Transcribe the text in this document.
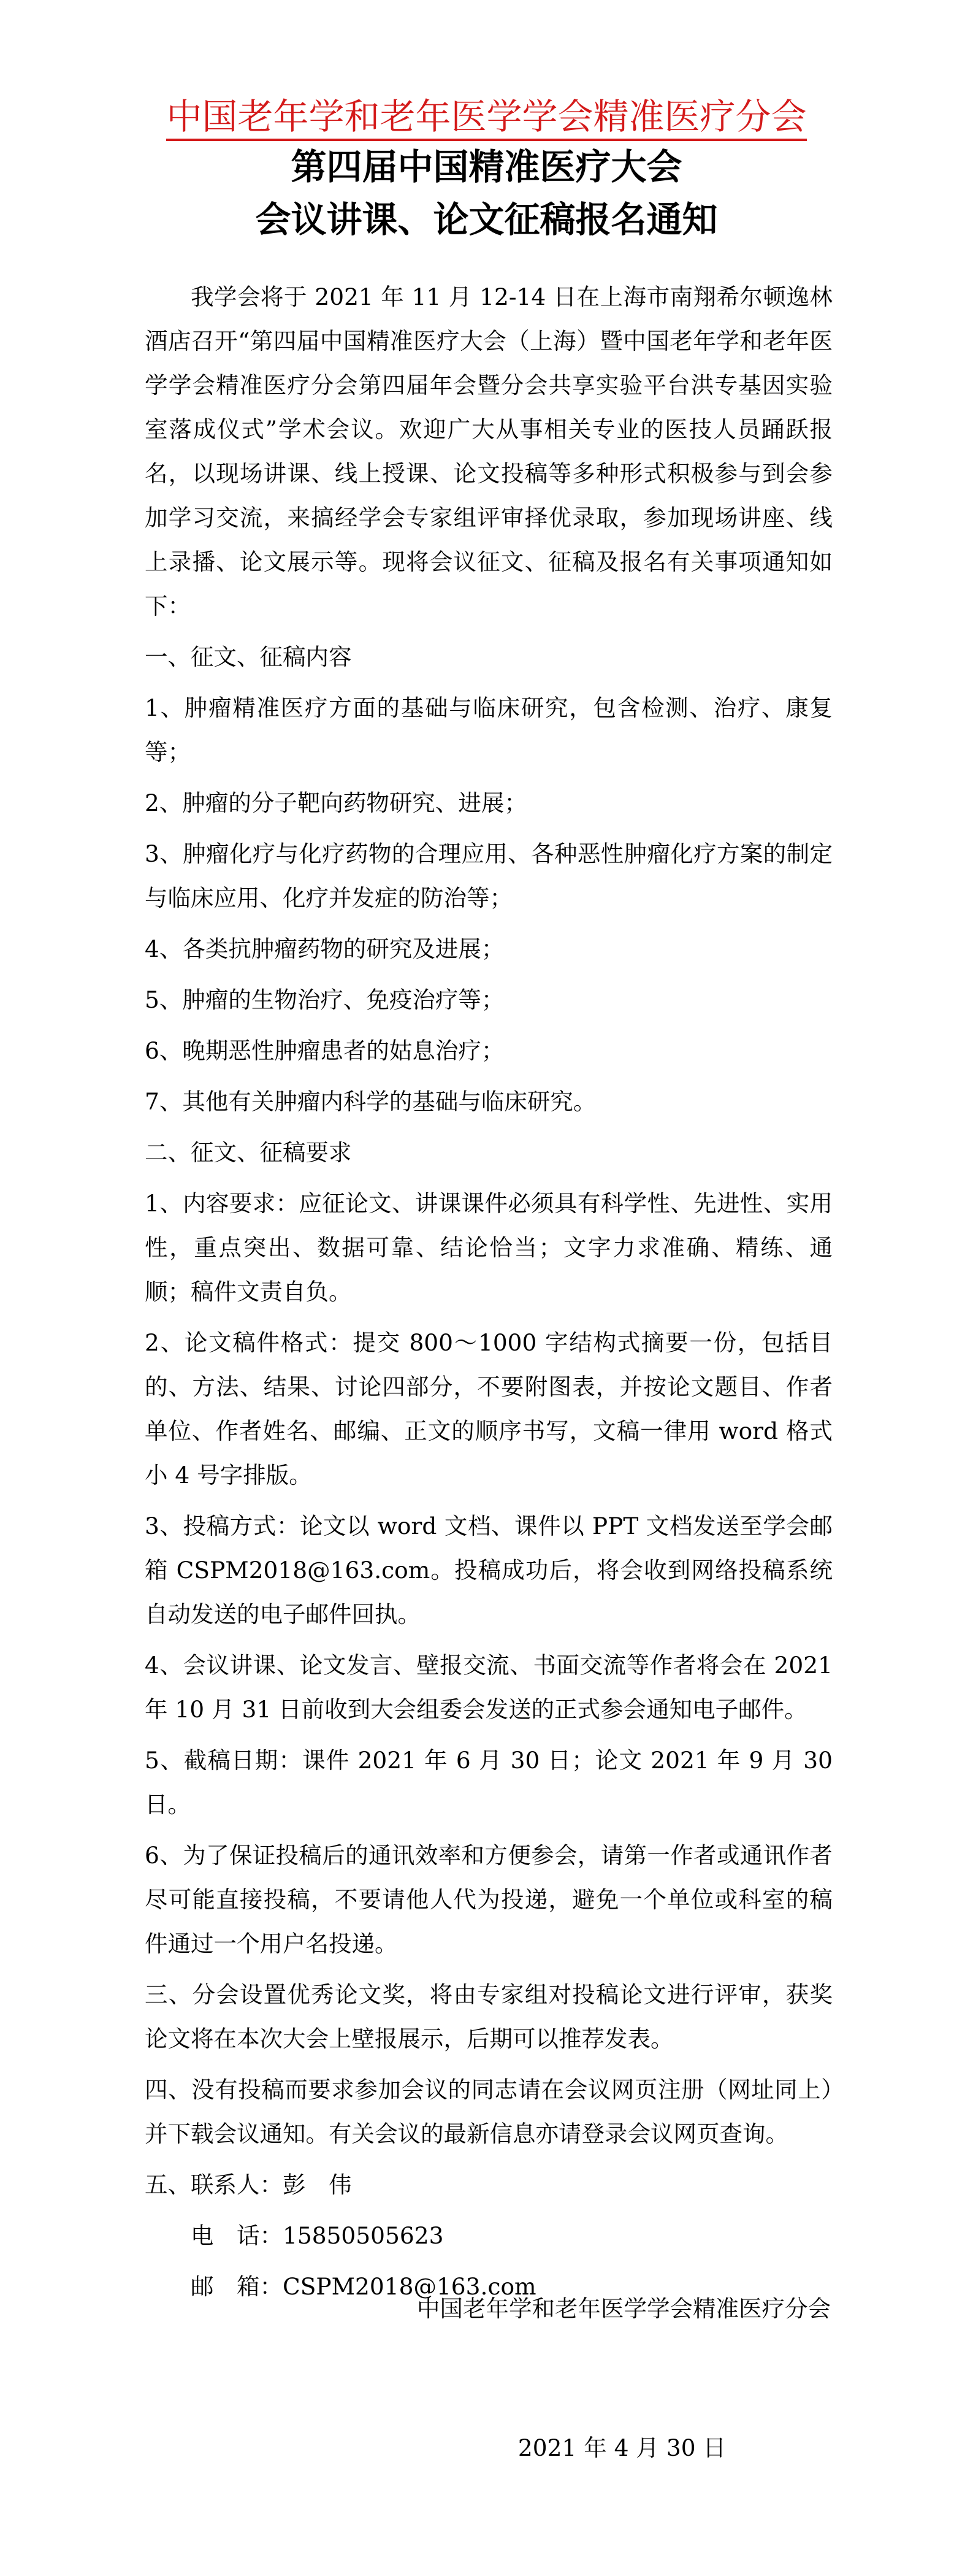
中国老年学和老年医学学会精准医疗分会
第四届中国精准医疗大会
会议讲课、论文征稿报名通知

我学会将于 2021 年 11 月 12-14 日在上海市南翔希尔顿逸林酒店召开“第四届中国精准医疗大会（上海）暨中国老年学和老年医学学会精准医疗分会第四届年会暨分会共享实验平台洪专基因实验室落成仪式”学术会议。欢迎广大从事相关专业的医技人员踊跃报名，以现场讲课、线上授课、论文投稿等多种形式积极参与到会参加学习交流，来搞经学会专家组评审择优录取，参加现场讲座、线上录播、论文展示等。现将会议征文、征稿及报名有关事项通知如下：

一、征文、征稿内容

1、肿瘤精准医疗方面的基础与临床研究，包含检测、治疗、康复等；

2、肿瘤的分子靶向药物研究、进展；

3、肿瘤化疗与化疗药物的合理应用、各种恶性肿瘤化疗方案的制定与临床应用、化疗并发症的防治等；

4、各类抗肿瘤药物的研究及进展；

5、肿瘤的生物治疗、免疫治疗等；

6、晚期恶性肿瘤患者的姑息治疗；

7、其他有关肿瘤内科学的基础与临床研究。

二、征文、征稿要求

1、内容要求：应征论文、讲课课件必须具有科学性、先进性、实用性，重点突出、数据可靠、结论恰当；文字力求准确、精练、通顺；稿件文责自负。

2、论文稿件格式：提交 800～1000 字结构式摘要一份，包括目的、方法、结果、讨论四部分，不要附图表，并按论文题目、作者单位、作者姓名、邮编、正文的顺序书写，文稿一律用 word 格式小 4 号字排版。

3、投稿方式：论文以 word 文档、课件以 PPT 文档发送至学会邮箱 CSPM2018@163.com。投稿成功后，将会收到网络投稿系统自动发送的电子邮件回执。

4、会议讲课、论文发言、壁报交流、书面交流等作者将会在 2021 年 10 月 31 日前收到大会组委会发送的正式参会通知电子邮件。

5、截稿日期：课件 2021 年 6 月 30 日；论文 2021 年 9 月 30 日。

6、为了保证投稿后的通讯效率和方便参会，请第一作者或通讯作者尽可能直接投稿，不要请他人代为投递，避免一个单位或科室的稿件通过一个用户名投递。

三、分会设置优秀论文奖，将由专家组对投稿论文进行评审，获奖论文将在本次大会上壁报展示，后期可以推荐发表。

四、没有投稿而要求参加会议的同志请在会议网页注册（网址同上）并下载会议通知。有关会议的最新信息亦请登录会议网页查询。

五、联系人：彭　伟

电　话：15850505623

邮　箱：CSPM2018@163.com

中国老年学和老年医学学会精准医疗分会
2021 年 4 月 30 日
